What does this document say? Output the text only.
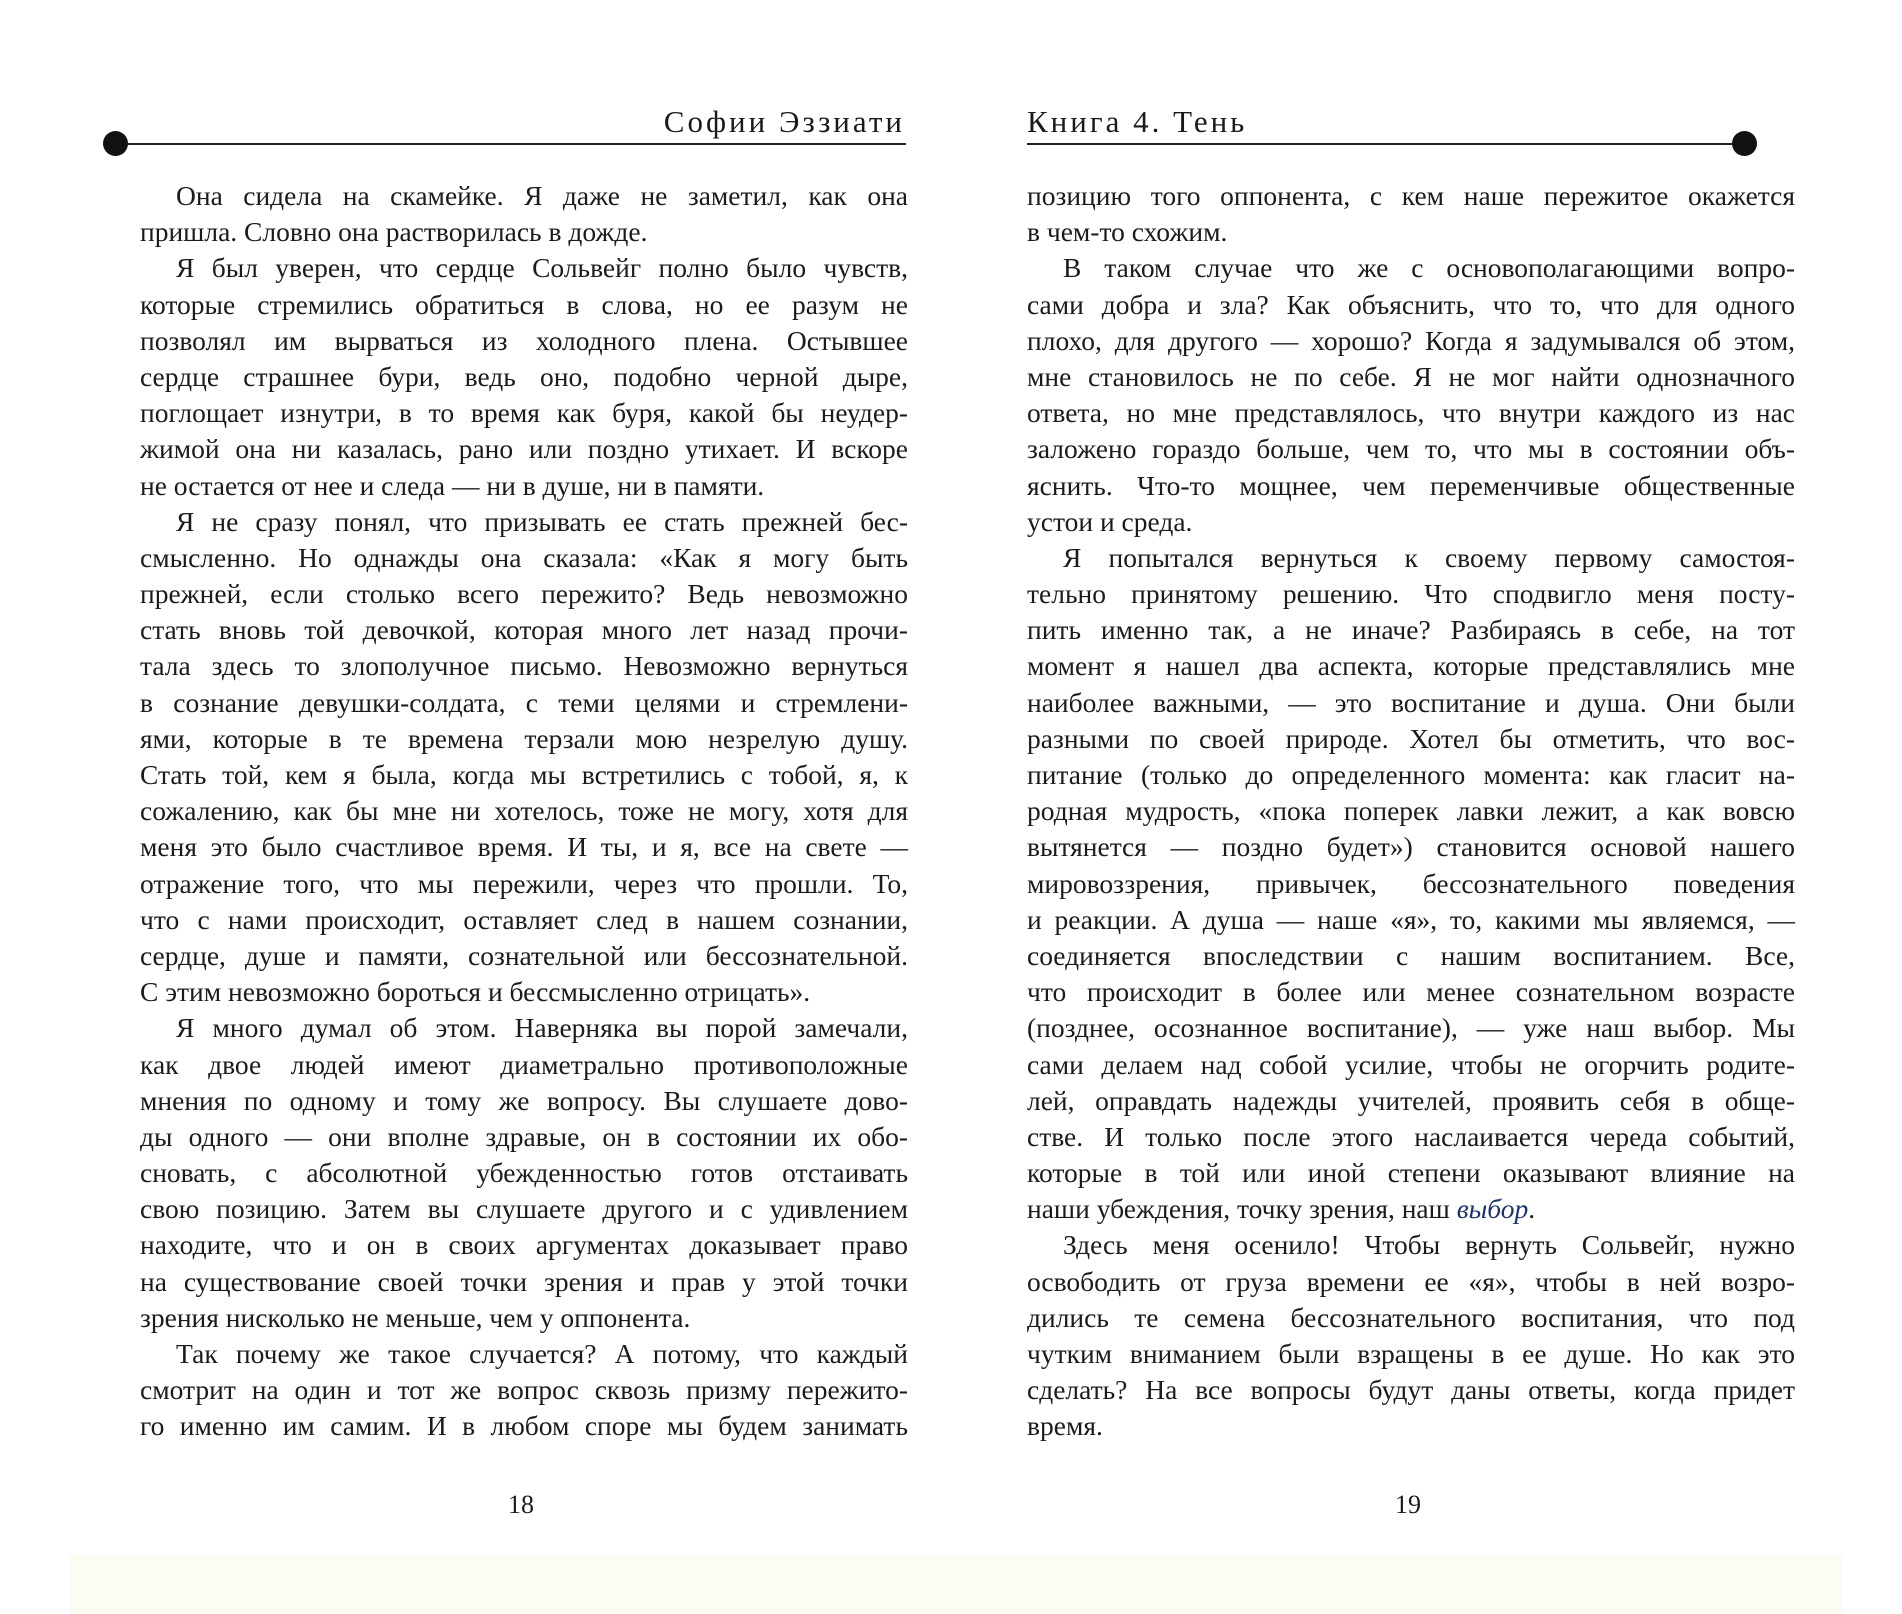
Софии Эззиати
Она сидела на скамейке. Я даже не заметил, как она
пришла. Словно она растворилась в дожде.
Я был уверен, что сердце Сольвейг полно было чувств,
которые стремились обратиться в слова, но ее разум не
позволял им вырваться из холодного плена. Остывшее
сердце страшнее бури, ведь оно, подобно черной дыре,
поглощает изнутри, в то время как буря, какой бы неудер-
жимой она ни казалась, рано или поздно утихает. И вскоре
не остается от нее и следа — ни в душе, ни в памяти.
Я не сразу понял, что призывать ее стать прежней бес-
смысленно. Но однажды она сказала: «Как я могу быть
прежней, если столько всего пережито? Ведь невозможно
стать вновь той девочкой, которая много лет назад прочи-
тала здесь то злополучное письмо. Невозможно вернуться
в сознание девушки-солдата, с теми целями и стремлени-
ями, которые в те времена терзали мою незрелую душу.
Стать той, кем я была, когда мы встретились с тобой, я, к
сожалению, как бы мне ни хотелось, тоже не могу, хотя для
меня это было счастливое время. И ты, и я, все на свете —
отражение того, что мы пережили, через что прошли. То,
что с нами происходит, оставляет след в нашем сознании,
сердце, душе и памяти, сознательной или бессознательной.
С этим невозможно бороться и бессмысленно отрицать».
Я много думал об этом. Наверняка вы порой замечали,
как двое людей имеют диаметрально противоположные
мнения по одному и тому же вопросу. Вы слушаете дово-
ды одного — они вполне здравые, он в состоянии их обо-
сновать, с абсолютной убежденностью готов отстаивать
свою позицию. Затем вы слушаете другого и с удивлением
находите, что и он в своих аргументах доказывает право
на существование своей точки зрения и прав у этой точки
зрения нисколько не меньше, чем у оппонента.
Так почему же такое случается? А потому, что каждый
смотрит на один и тот же вопрос сквозь призму пережито-
го именно им самим. И в любом споре мы будем занимать
18
Книга 4. Тень
позицию того оппонента, с кем наше пережитое окажется
в чем-то схожим.
В таком случае что же с основополагающими вопро-
сами добра и зла? Как объяснить, что то, что для одного
плохо, для другого — хорошо? Когда я задумывался об этом,
мне становилось не по себе. Я не мог найти однозначного
ответа, но мне представлялось, что внутри каждого из нас
заложено гораздо больше, чем то, что мы в состоянии объ-
яснить. Что-то мощнее, чем переменчивые общественные
устои и среда.
Я попытался вернуться к своему первому самостоя-
тельно принятому решению. Что сподвигло меня посту-
пить именно так, а не иначе? Разбираясь в себе, на тот
момент я нашел два аспекта, которые представлялись мне
наиболее важными, — это воспитание и душа. Они были
разными по своей природе. Хотел бы отметить, что вос-
питание (только до определенного момента: как гласит на-
родная мудрость, «пока поперек лавки лежит, а как вовсю
вытянется — поздно будет») становится основой нашего
мировоззрения, привычек, бессознательного поведения
и реакции. А душа — наше «я», то, какими мы являемся, —
соединяется впоследствии с нашим воспитанием. Все,
что происходит в более или менее сознательном возрасте
(позднее, осознанное воспитание), — уже наш выбор. Мы
сами делаем над собой усилие, чтобы не огорчить родите-
лей, оправдать надежды учителей, проявить себя в обще-
стве. И только после этого наслаивается череда событий,
которые в той или иной степени оказывают влияние на
наши убеждения, точку зрения, наш выбор.
Здесь меня осенило! Чтобы вернуть Сольвейг, нужно
освободить от груза времени ее «я», чтобы в ней возро-
дились те семена бессознательного воспитания, что под
чутким вниманием были взращены в ее душе. Но как это
сделать? На все вопросы будут даны ответы, когда придет
время.
19
